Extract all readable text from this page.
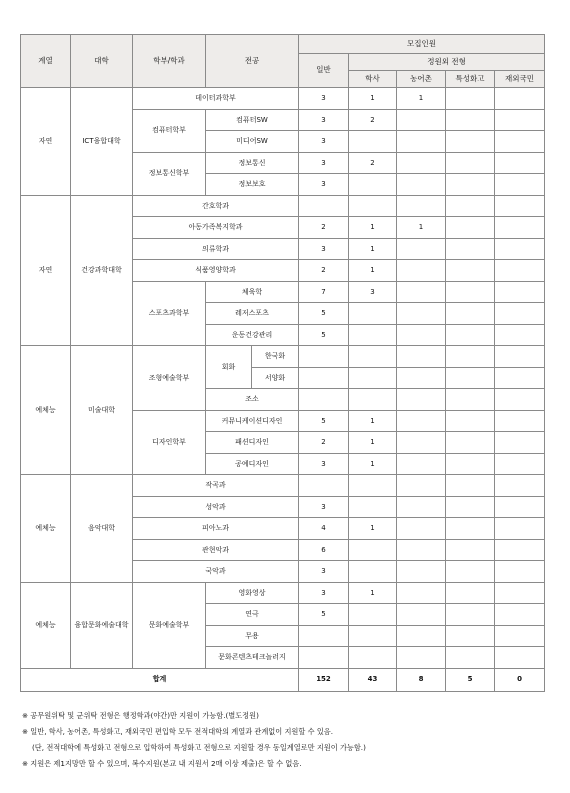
계열	대학	학부/학과	전공		모집인원				
					일반	정원외 전형			
						학사	농어촌	특성화고	재외국민
자연	ICT융합대학	데이터과학부			3	1	1		
		컴퓨터학부	컴퓨터SW		3	2			
			미디어SW		3				
		정보통신학부	정보통신		3	2			
			정보보호		3				
자연	건강과학대학	간호학과							
		아동가족복지학과			2	1	1		
		의류학과			3	1			
		식품영양학과			2	1			
		스포츠과학부	체육학		7	3			
			레저스포츠		5				
			운동건강관리		5				
예체능	미술대학	조형예술학부	회화	한국화					
				서양화					
			조소						
		디자인학부	커뮤니케이션디자인		5	1			
			패션디자인		2	1			
			공예디자인		3	1			
예체능	음악대학	작곡과							
		성악과			3				
		피아노과			4	1			
		관현악과			6				
		국악과			3				
예체능	융합문화예술대학	문화예술학부	영화영상		3	1			
			연극		5				
			무용						
			문화콘텐츠테크놀러지						
합계					152	43	8	5	0
※ 공무원위탁 및 군위탁 전형은 행정학과(야간)만 지원이 가능함.(별도정원)
※ 일반, 학사, 농어촌, 특성화고, 재외국민 편입학 모두 전적대학의 계열과 관계없이 지원할 수 있음.
(단, 전적대학에 특성화고 전형으로 입학하여 특성화고 전형으로 지원할 경우 동일계열로만 지원이 가능함.)
※ 지원은 제1지망만 할 수 있으며, 복수지원(본교 내 지원서 2매 이상 제출)은 할 수 없음.
